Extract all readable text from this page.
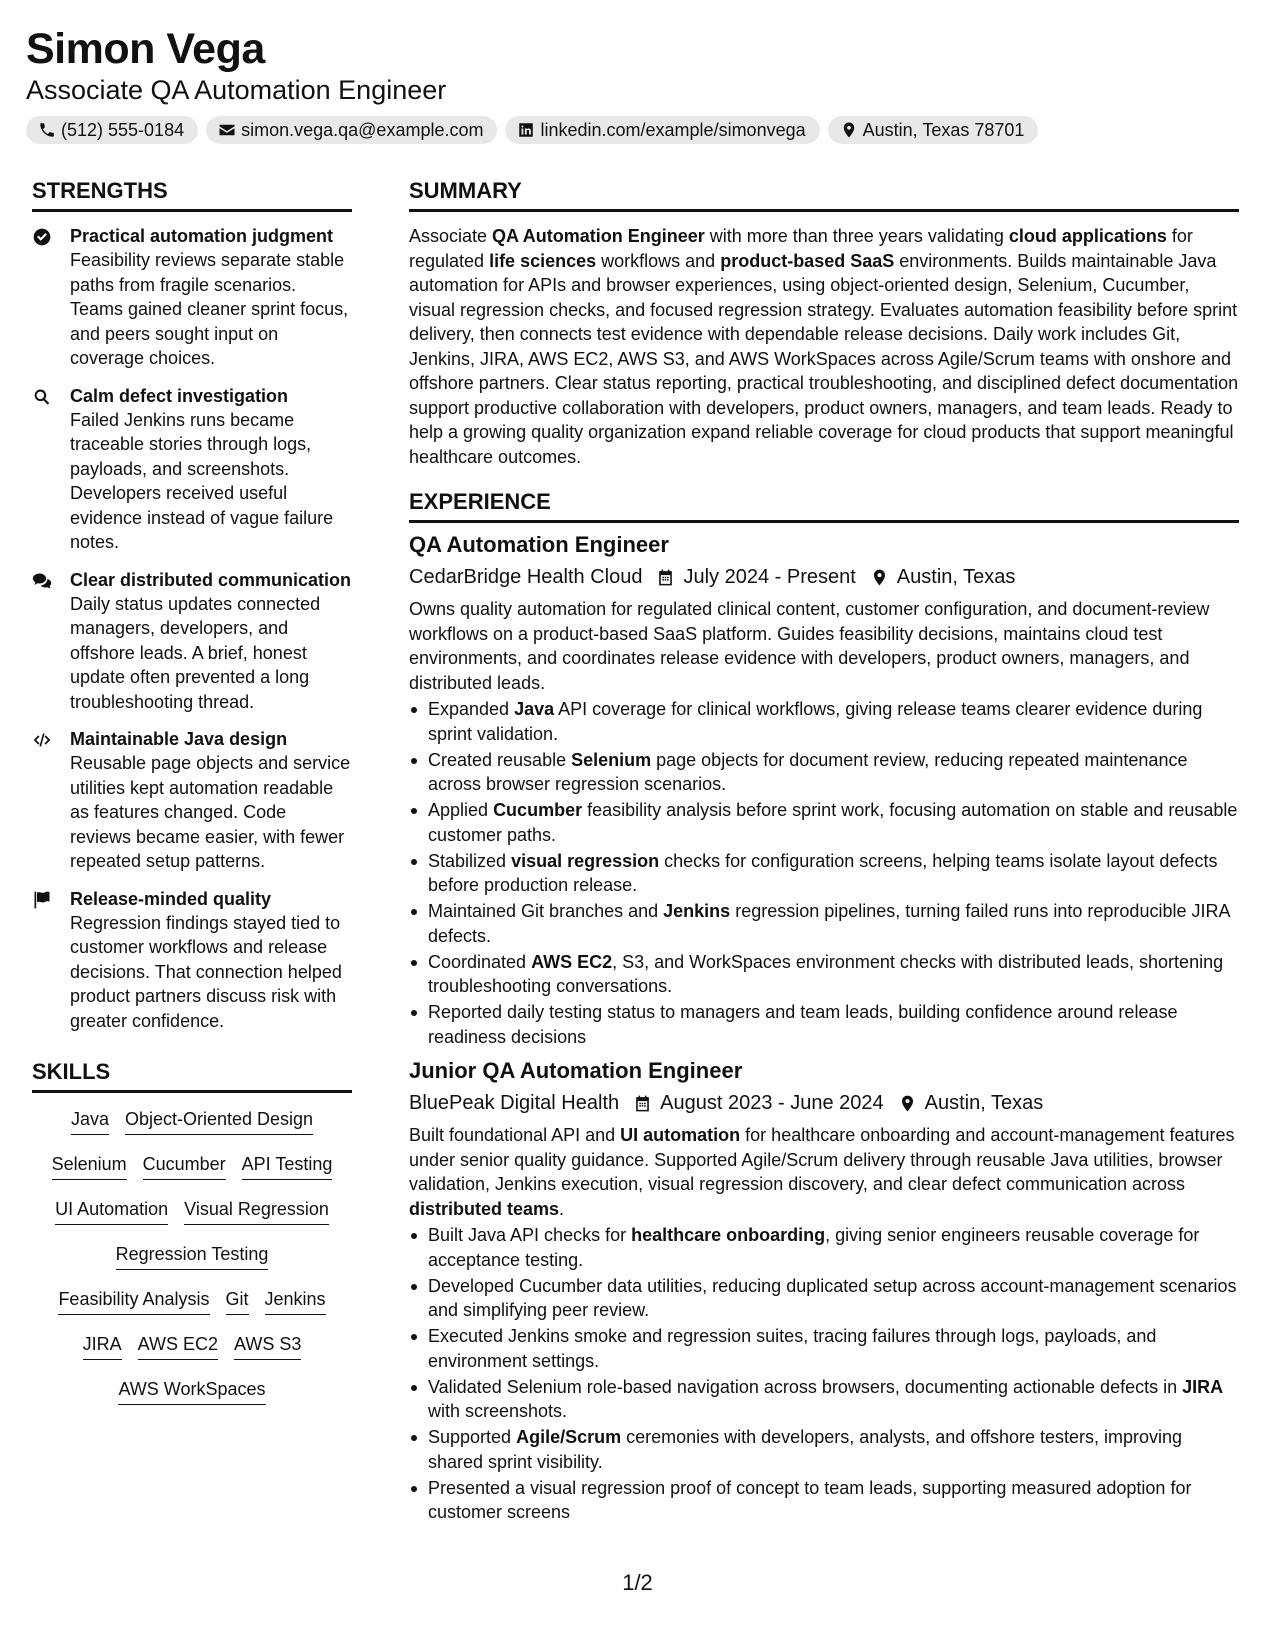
Simon Vega
Associate QA Automation Engineer
(512) 555-0184	simon.vega.qa@example.com	linkedin.com/example/simonvega	Austin, Texas 78701
STRENGTHS
Practical automation judgment
Feasibility reviews separate stable paths from fragile scenarios. Teams gained cleaner sprint focus, and peers sought input on coverage choices.
Calm defect investigation
Failed Jenkins runs became traceable stories through logs, payloads, and screenshots. Developers received useful evidence instead of vague failure notes.
Clear distributed communication
Daily status updates connected managers, developers, and offshore leads. A brief, honest update often prevented a long troubleshooting thread.
Maintainable Java design
Reusable page objects and service utilities kept automation readable as features changed. Code reviews became easier, with fewer repeated setup patterns.
Release-minded quality
Regression findings stayed tied to customer workflows and release decisions. That connection helped product partners discuss risk with greater confidence.
SKILLS
Java Object-Oriented Design
Selenium Cucumber API Testing
UI Automation Visual Regression
Regression Testing
Feasibility Analysis Git Jenkins
JIRA AWS EC2 AWS S3
AWS WorkSpaces
SUMMARY
Associate QA Automation Engineer with more than three years validating cloud applications for regulated life sciences workflows and product-based SaaS environments. Builds maintainable Java automation for APIs and browser experiences, using object-oriented design, Selenium, Cucumber, visual regression checks, and focused regression strategy. Evaluates automation feasibility before sprint delivery, then connects test evidence with dependable release decisions. Daily work includes Git, Jenkins, JIRA, AWS EC2, AWS S3, and AWS WorkSpaces across Agile/Scrum teams with onshore and offshore partners. Clear status reporting, practical troubleshooting, and disciplined defect documentation support productive collaboration with developers, product owners, managers, and team leads. Ready to help a growing quality organization expand reliable coverage for cloud products that support meaningful healthcare outcomes.
EXPERIENCE
QA Automation Engineer
CedarBridge Health Cloud July 2024 - Present Austin, Texas
Owns quality automation for regulated clinical content, customer configuration, and document-review workflows on a product-based SaaS platform. Guides feasibility decisions, maintains cloud test environments, and coordinates release evidence with developers, product owners, managers, and distributed leads.
Expanded Java API coverage for clinical workflows, giving release teams clearer evidence during sprint validation.
Created reusable Selenium page objects for document review, reducing repeated maintenance across browser regression scenarios.
Applied Cucumber feasibility analysis before sprint work, focusing automation on stable and reusable customer paths.
Stabilized visual regression checks for configuration screens, helping teams isolate layout defects before production release.
Maintained Git branches and Jenkins regression pipelines, turning failed runs into reproducible JIRA defects.
Coordinated AWS EC2, S3, and WorkSpaces environment checks with distributed leads, shortening troubleshooting conversations.
Reported daily testing status to managers and team leads, building confidence around release readiness decisions
Junior QA Automation Engineer
BluePeak Digital Health August 2023 - June 2024 Austin, Texas
Built foundational API and UI automation for healthcare onboarding and account-management features under senior quality guidance. Supported Agile/Scrum delivery through reusable Java utilities, browser validation, Jenkins execution, visual regression discovery, and clear defect communication across distributed teams.
Built Java API checks for healthcare onboarding, giving senior engineers reusable coverage for acceptance testing.
Developed Cucumber data utilities, reducing duplicated setup across account-management scenarios and simplifying peer review.
Executed Jenkins smoke and regression suites, tracing failures through logs, payloads, and environment settings.
Validated Selenium role-based navigation across browsers, documenting actionable defects in JIRA with screenshots.
Supported Agile/Scrum ceremonies with developers, analysts, and offshore testers, improving shared sprint visibility.
Presented a visual regression proof of concept to team leads, supporting measured adoption for customer screens
1/2
